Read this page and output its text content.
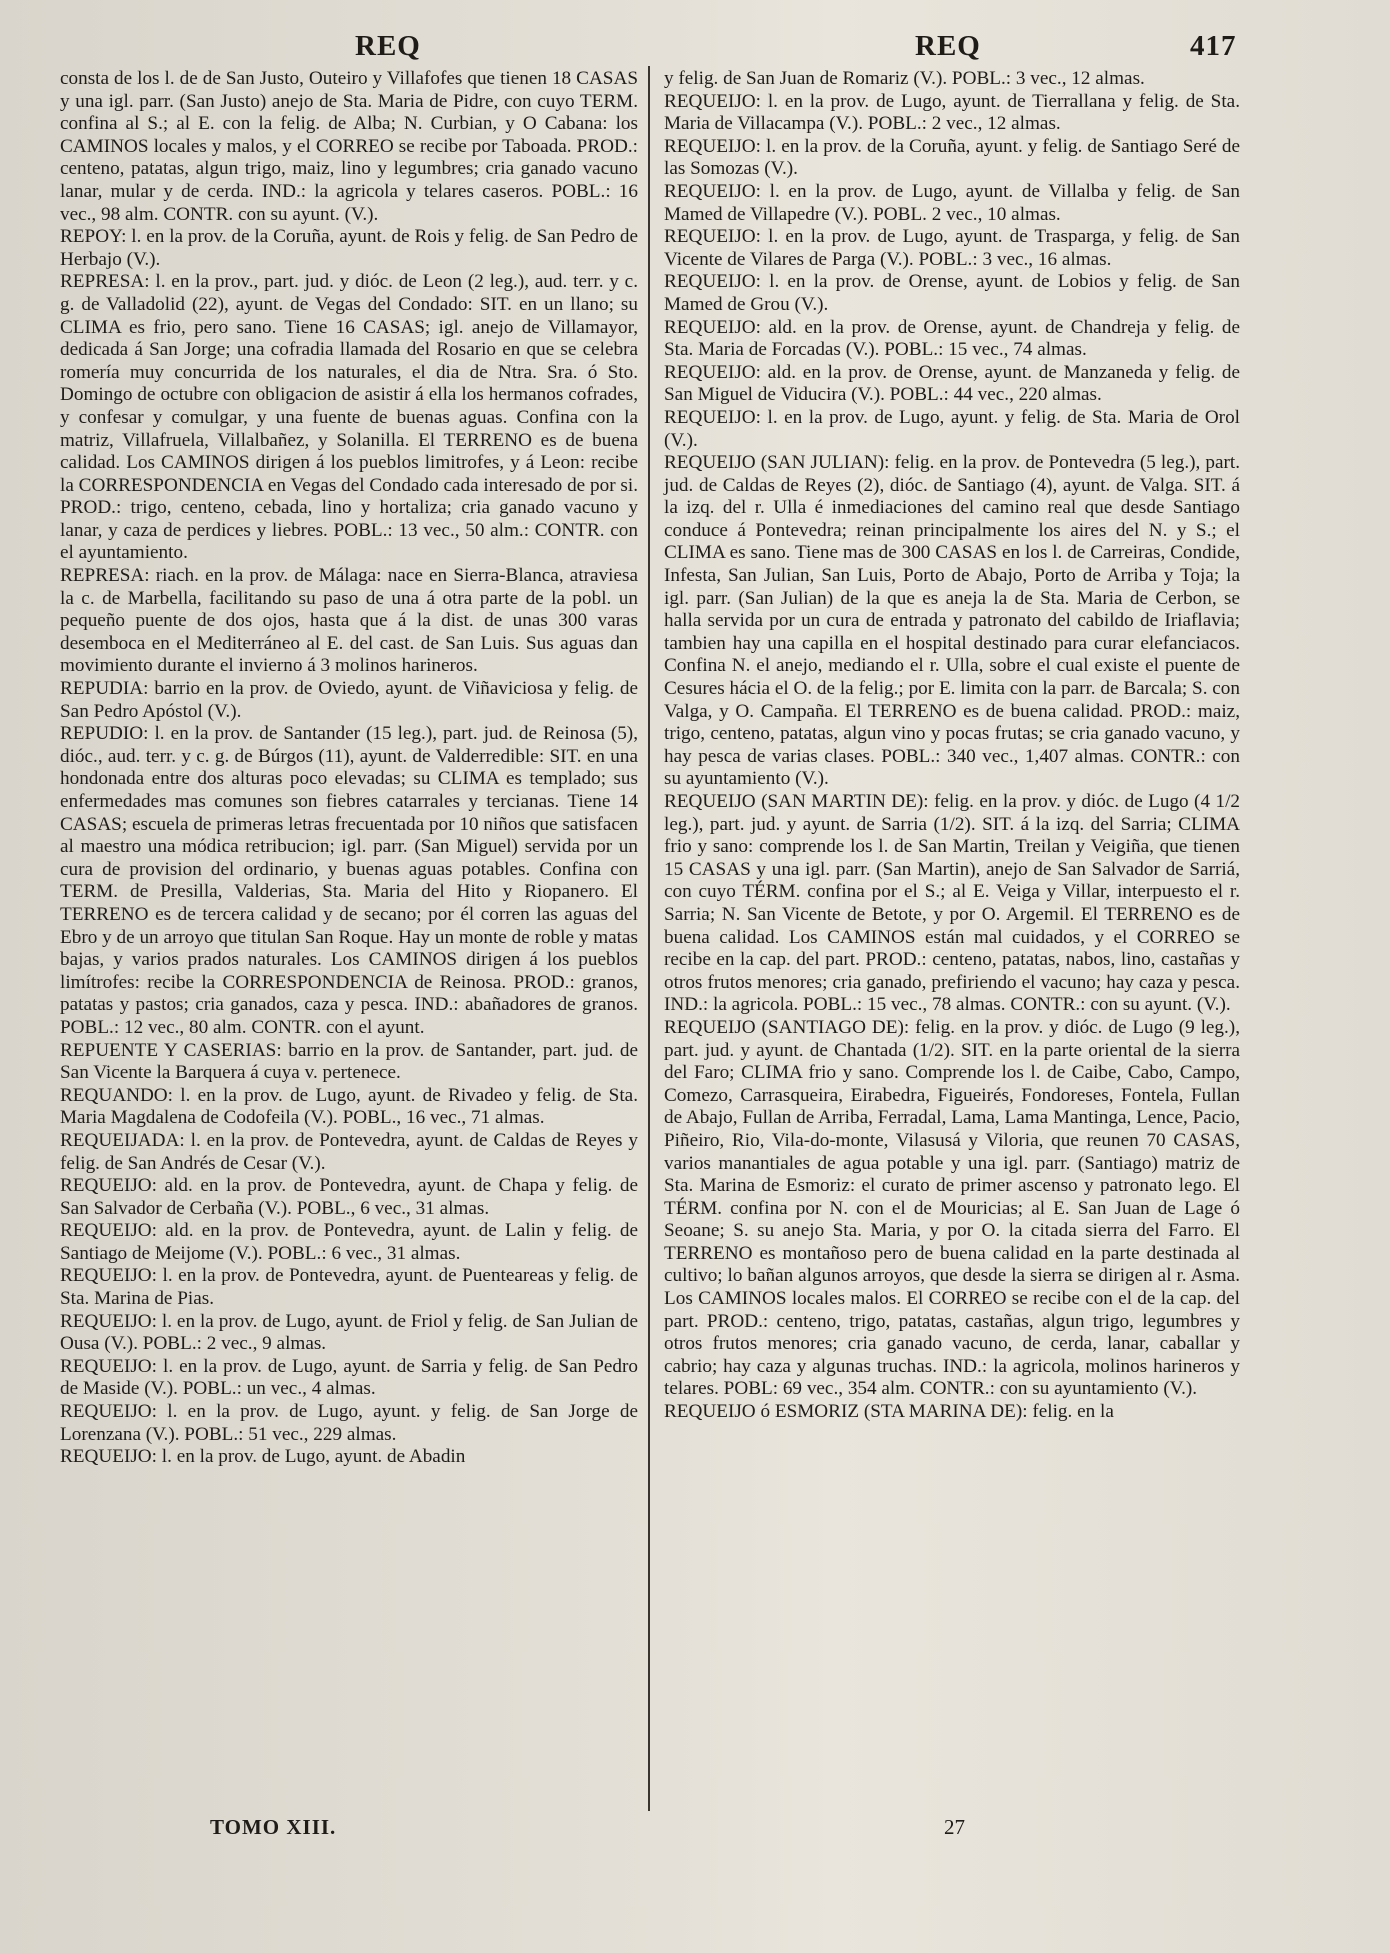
REQ	REQ	417

consta de los l. de de San Justo, Outeiro y Villafofes que tienen 18 CASAS y una igl. parr. (San Justo) anejo de Sta. Maria de Pidre, con cuyo TERM. confina al S.; al E. con la felig. de Alba; N. Curbian, y O Cabana: los CAMINOS locales y malos, y el CORREO se recibe por Taboada. PROD.: centeno, patatas, algun trigo, maiz, lino y legumbres; cria ganado vacuno lanar, mular y de cerda. IND.: la agricola y telares caseros. POBL.: 16 vec., 98 alm. CONTR. con su ayunt. (V.).

REPOY: l. en la prov. de la Coruña, ayunt. de Rois y felig. de San Pedro de Herbajo (V.).

REPRESA: l. en la prov., part. jud. y dióc. de Leon (2 leg.), aud. terr. y c. g. de Valladolid (22), ayunt. de Vegas del Condado: SIT. en un llano; su CLIMA es frio, pero sano. Tiene 16 CASAS; igl. anejo de Villamayor, dedicada á San Jorge; una cofradia llamada del Rosario en que se celebra romería muy concurrida de los naturales, el dia de Ntra. Sra. ó Sto. Domingo de octubre con obligacion de asistir á ella los hermanos cofrades, y confesar y comulgar, y una fuente de buenas aguas. Confina con la matriz, Villafruela, Villalbañez, y Solanilla. El TERRENO es de buena calidad. Los CAMINOS dirigen á los pueblos limitrofes, y á Leon: recibe la CORRESPONDENCIA en Vegas del Condado cada interesado de por si. PROD.: trigo, centeno, cebada, lino y hortaliza; cria ganado vacuno y lanar, y caza de perdices y liebres. POBL.: 13 vec., 50 alm.: CONTR. con el ayuntamiento.

REPRESA: riach. en la prov. de Málaga: nace en Sierra-Blanca, atraviesa la c. de Marbella, facilitando su paso de una á otra parte de la pobl. un pequeño puente de dos ojos, hasta que á la dist. de unas 300 varas desemboca en el Mediterráneo al E. del cast. de San Luis. Sus aguas dan movimiento durante el invierno á 3 molinos harineros.

REPUDIA: barrio en la prov. de Oviedo, ayunt. de Viñaviciosa y felig. de San Pedro Apóstol (V.).

REPUDIO: l. en la prov. de Santander (15 leg.), part. jud. de Reinosa (5), dióc., aud. terr. y c. g. de Búrgos (11), ayunt. de Valderredible: SIT. en una hondonada entre dos alturas poco elevadas; su CLIMA es templado; sus enfermedades mas comunes son fiebres catarrales y tercianas. Tiene 14 CASAS; escuela de primeras letras frecuentada por 10 niños que satisfacen al maestro una módica retribucion; igl. parr. (San Miguel) servida por un cura de provision del ordinario, y buenas aguas potables. Confina con TERM. de Presilla, Valderias, Sta. Maria del Hito y Riopanero. El TERRENO es de tercera calidad y de secano; por él corren las aguas del Ebro y de un arroyo que titulan San Roque. Hay un monte de roble y matas bajas, y varios prados naturales. Los CAMINOS dirigen á los pueblos limítrofes: recibe la CORRESPONDENCIA de Reinosa. PROD.: granos, patatas y pastos; cria ganados, caza y pesca. IND.: abañadores de granos. POBL.: 12 vec., 80 alm. CONTR. con el ayunt.

REPUENTE Y CASERIAS: barrio en la prov. de Santander, part. jud. de San Vicente la Barquera á cuya v. pertenece.

REQUANDO: l. en la prov. de Lugo, ayunt. de Rivadeo y felig. de Sta. Maria Magdalena de Codofeila (V.). POBL., 16 vec., 71 almas.

REQUEIJADA: l. en la prov. de Pontevedra, ayunt. de Caldas de Reyes y felig. de San Andrés de Cesar (V.).

REQUEIJO: ald. en la prov. de Pontevedra, ayunt. de Chapa y felig. de San Salvador de Cerbaña (V.). POBL., 6 vec., 31 almas.

REQUEIJO: ald. en la prov. de Pontevedra, ayunt. de Lalin y felig. de Santiago de Meijome (V.). POBL.: 6 vec., 31 almas.

REQUEIJO: l. en la prov. de Pontevedra, ayunt. de Puenteareas y felig. de Sta. Marina de Pias.

REQUEIJO: l. en la prov. de Lugo, ayunt. de Friol y felig. de San Julian de Ousa (V.). POBL.: 2 vec., 9 almas.

REQUEIJO: l. en la prov. de Lugo, ayunt. de Sarria y felig. de San Pedro de Maside (V.). POBL.: un vec., 4 almas.

REQUEIJO: l. en la prov. de Lugo, ayunt. y felig. de San Jorge de Lorenzana (V.). POBL.: 51 vec., 229 almas.

REQUEIJO: l. en la prov. de Lugo, ayunt. de Abadin

y felig. de San Juan de Romariz (V.). POBL.: 3 vec., 12 almas.

REQUEIJO: l. en la prov. de Lugo, ayunt. de Tierrallana y felig. de Sta. Maria de Villacampa (V.). POBL.: 2 vec., 12 almas.

REQUEIJO: l. en la prov. de la Coruña, ayunt. y felig. de Santiago Seré de las Somozas (V.).

REQUEIJO: l. en la prov. de Lugo, ayunt. de Villalba y felig. de San Mamed de Villapedre (V.). POBL. 2 vec., 10 almas.

REQUEIJO: l. en la prov. de Lugo, ayunt. de Trasparga, y felig. de San Vicente de Vilares de Parga (V.). POBL.: 3 vec., 16 almas.

REQUEIJO: l. en la prov. de Orense, ayunt. de Lobios y felig. de San Mamed de Grou (V.).

REQUEIJO: ald. en la prov. de Orense, ayunt. de Chandreja y felig. de Sta. Maria de Forcadas (V.). POBL.: 15 vec., 74 almas.

REQUEIJO: ald. en la prov. de Orense, ayunt. de Manzaneda y felig. de San Miguel de Viducira (V.). POBL.: 44 vec., 220 almas.

REQUEIJO: l. en la prov. de Lugo, ayunt. y felig. de Sta. Maria de Orol (V.).

REQUEIJO (SAN JULIAN): felig. en la prov. de Pontevedra (5 leg.), part. jud. de Caldas de Reyes (2), dióc. de Santiago (4), ayunt. de Valga. SIT. á la izq. del r. Ulla é inmediaciones del camino real que desde Santiago conduce á Pontevedra; reinan principalmente los aires del N. y S.; el CLIMA es sano. Tiene mas de 300 CASAS en los l. de Carreiras, Condide, Infesta, San Julian, San Luis, Porto de Abajo, Porto de Arriba y Toja; la igl. parr. (San Julian) de la que es aneja la de Sta. Maria de Cerbon, se halla servida por un cura de entrada y patronato del cabildo de Iriaflavia; tambien hay una capilla en el hospital destinado para curar elefanciacos. Confina N. el anejo, mediando el r. Ulla, sobre el cual existe el puente de Cesures hácia el O. de la felig.; por E. limita con la parr. de Barcala; S. con Valga, y O. Campaña. El TERRENO es de buena calidad. PROD.: maiz, trigo, centeno, patatas, algun vino y pocas frutas; se cria ganado vacuno, y hay pesca de varias clases. POBL.: 340 vec., 1,407 almas. CONTR.: con su ayuntamiento (V.).

REQUEIJO (SAN MARTIN DE): felig. en la prov. y dióc. de Lugo (4 1/2 leg.), part. jud. y ayunt. de Sarria (1/2). SIT. á la izq. del Sarria; CLIMA frio y sano: comprende los l. de San Martin, Treilan y Veigiña, que tienen 15 CASAS y una igl. parr. (San Martin), anejo de San Salvador de Sarriá, con cuyo TÉRM. confina por el S.; al E. Veiga y Villar, interpuesto el r. Sarria; N. San Vicente de Betote, y por O. Argemil. El TERRENO es de buena calidad. Los CAMINOS están mal cuidados, y el CORREO se recibe en la cap. del part. PROD.: centeno, patatas, nabos, lino, castañas y otros frutos menores; cria ganado, prefiriendo el vacuno; hay caza y pesca. IND.: la agricola. POBL.: 15 vec., 78 almas. CONTR.: con su ayunt. (V.).

REQUEIJO (SANTIAGO DE): felig. en la prov. y dióc. de Lugo (9 leg.), part. jud. y ayunt. de Chantada (1/2). SIT. en la parte oriental de la sierra del Faro; CLIMA frio y sano. Comprende los l. de Caibe, Cabo, Campo, Comezo, Carrasqueira, Eirabedra, Figueirés, Fondoreses, Fontela, Fullan de Abajo, Fullan de Arriba, Ferradal, Lama, Lama Mantinga, Lence, Pacio, Piñeiro, Rio, Vila-do-monte, Vilasusá y Viloria, que reunen 70 CASAS, varios manantiales de agua potable y una igl. parr. (Santiago) matriz de Sta. Marina de Esmoriz: el curato de primer ascenso y patronato lego. El TÉRM. confina por N. con el de Mouricias; al E. San Juan de Lage ó Seoane; S. su anejo Sta. Maria, y por O. la citada sierra del Farro. El TERRENO es montañoso pero de buena calidad en la parte destinada al cultivo; lo bañan algunos arroyos, que desde la sierra se dirigen al r. Asma. Los CAMINOS locales malos. El CORREO se recibe con el de la cap. del part. PROD.: centeno, trigo, patatas, castañas, algun trigo, legumbres y otros frutos menores; cria ganado vacuno, de cerda, lanar, caballar y cabrio; hay caza y algunas truchas. IND.: la agricola, molinos harineros y telares. POBL: 69 vec., 354 alm. CONTR.: con su ayuntamiento (V.).

REQUEIJO ó ESMORIZ (STA MARINA DE): felig. en la

TOMO XIII.	27
